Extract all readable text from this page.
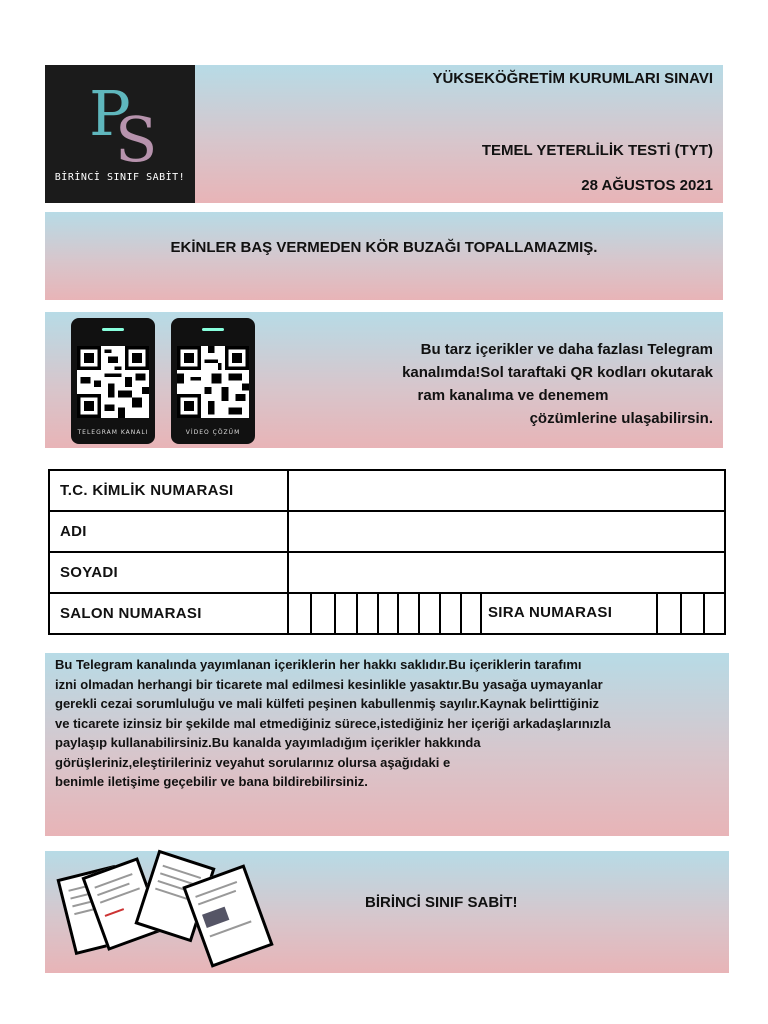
P
S
BİRİNCİ SINIF SABİT!
YÜKSEKÖĞRETİM KURUMLARI SINAVI
TEMEL YETERLİLİK TESTİ (TYT)
28 AĞUSTOS 2021
EKİNLER BAŞ VERMEDEN KÖR BUZAĞI TOPALLAMAZMIŞ.
TELEGRAM KANALI	VİDEO ÇÖZÜM
Bu tarz içerikler ve daha fazlası Telegram
kanalımda!Sol taraftaki QR kodları okutarak
ram kanalıma ve denemem
çözümlerine ulaşabilirsin.
T.C. KİMLİK NUMARASI
ADI
SOYADI
SALON NUMARASI	SIRA NUMARASI

Bu Telegram kanalında yayımlanan içeriklerin her hakkı saklıdır.Bu içeriklerin tarafımı
izni olmadan herhangi bir ticarete mal edilmesi kesinlikle yasaktır.Bu yasağa uymayanlar
gerekli cezai sorumluluğu ve mali külfeti peşinen kabullenmiş sayılır.Kaynak belirttiğiniz
ve ticarete izinsiz bir şekilde mal etmediğiniz sürece,istediğiniz her içeriği arkadaşlarınızla
paylaşıp kullanabilirsiniz.Bu kanalda yayımladığım içerikler hakkında
görüşleriniz,eleştirileriniz veyahut sorularınız olursa aşağıdaki e
benimle iletişime geçebilir ve bana bildirebilirsiniz.

BİRİNCİ SINIF SABİT!
